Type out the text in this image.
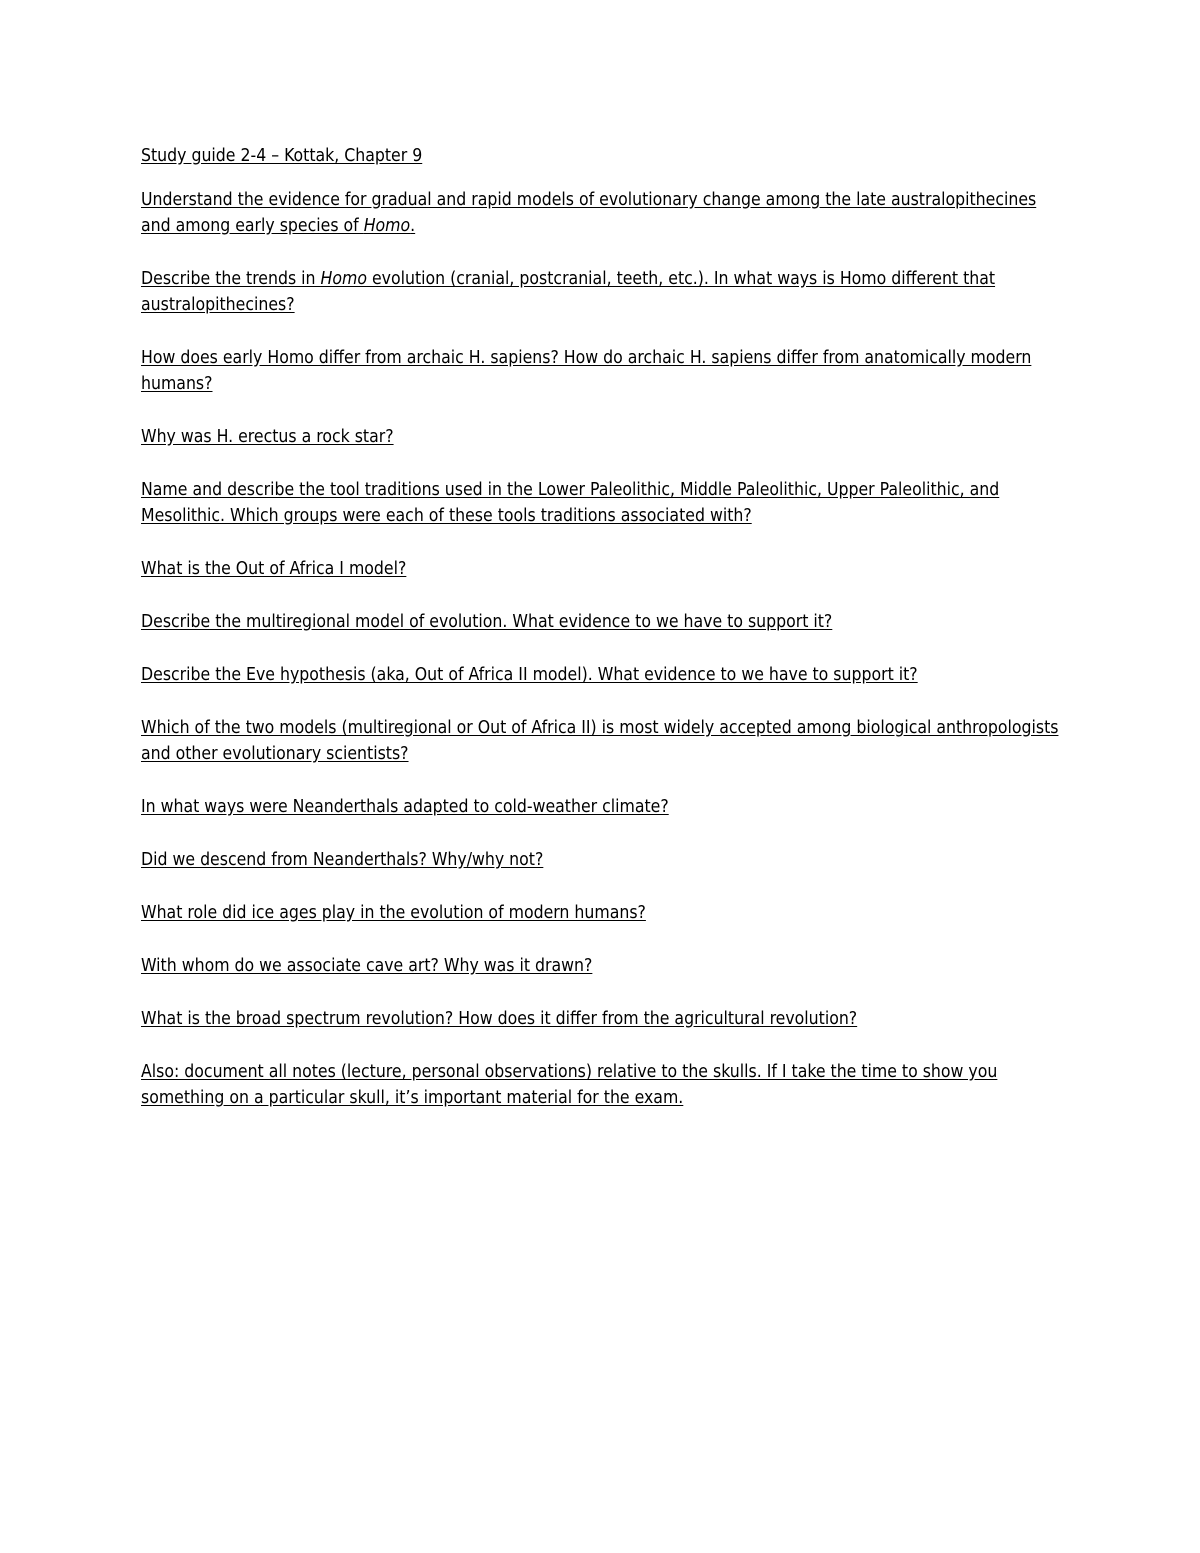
Study guide 2-4 – Kottak, Chapter 9

Understand the evidence for gradual and rapid models of evolutionary change among the late australopithecines and among early species of Homo.

Describe the trends in Homo evolution (cranial, postcranial, teeth, etc.). In what ways is Homo different that australopithecines?

How does early Homo differ from archaic H. sapiens? How do archaic H. sapiens differ from anatomically modern humans?

Why was H. erectus a rock star?

Name and describe the tool traditions used in the Lower Paleolithic, Middle Paleolithic, Upper Paleolithic, and Mesolithic. Which groups were each of these tools traditions associated with?

What is the Out of Africa I model?

Describe the multiregional model of evolution. What evidence to we have to support it?

Describe the Eve hypothesis (aka, Out of Africa II model). What evidence to we have to support it?

Which of the two models (multiregional or Out of Africa II) is most widely accepted among biological anthropologists and other evolutionary scientists?

In what ways were Neanderthals adapted to cold-weather climate?

Did we descend from Neanderthals? Why/why not?

What role did ice ages play in the evolution of modern humans?

With whom do we associate cave art? Why was it drawn?

What is the broad spectrum revolution? How does it differ from the agricultural revolution?

Also: document all notes (lecture, personal observations) relative to the skulls. If I take the time to show you something on a particular skull, it’s important material for the exam.
